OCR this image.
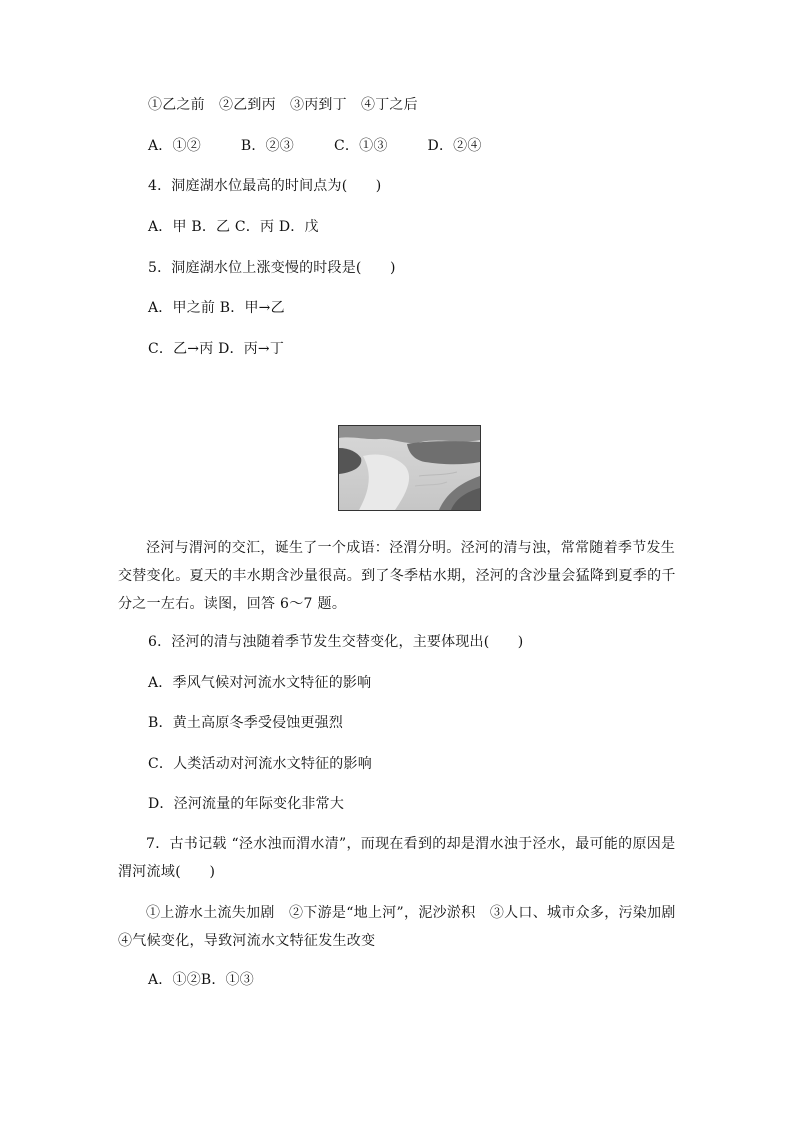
①乙之前　②乙到丙　③丙到丁　④丁之后
A．①②	B．②③	C．①③	D．②④
4．洞庭湖水位最高的时间点为(　　)
A．甲 B．乙 C．丙 D．戊
5．洞庭湖水位上涨变慢的时段是(　　)
A．甲之前 B．甲→乙
C．乙→丙 D．丙→丁
泾河与渭河的交汇，诞生了一个成语：泾渭分明。泾河的清与浊，常常随着季节发生交替变化。夏天的丰水期含沙量很高。到了冬季枯水期，泾河的含沙量会猛降到夏季的千分之一左右。读图，回答 6～7 题。
6．泾河的清与浊随着季节发生交替变化，主要体现出(　　)
A．季风气候对河流水文特征的影响
B．黄土高原冬季受侵蚀更强烈
C．人类活动对河流水文特征的影响
D．泾河流量的年际变化非常大
7．古书记载 “泾水浊而渭水清”，而现在看到的却是渭水浊于泾水，最可能的原因是渭河流域(　　)
①上游水土流失加剧　②下游是“地上河”，泥沙淤积　③人口、城市众多，污染加剧　④气候变化，导致河流水文特征发生改变
A．①②B．①③
